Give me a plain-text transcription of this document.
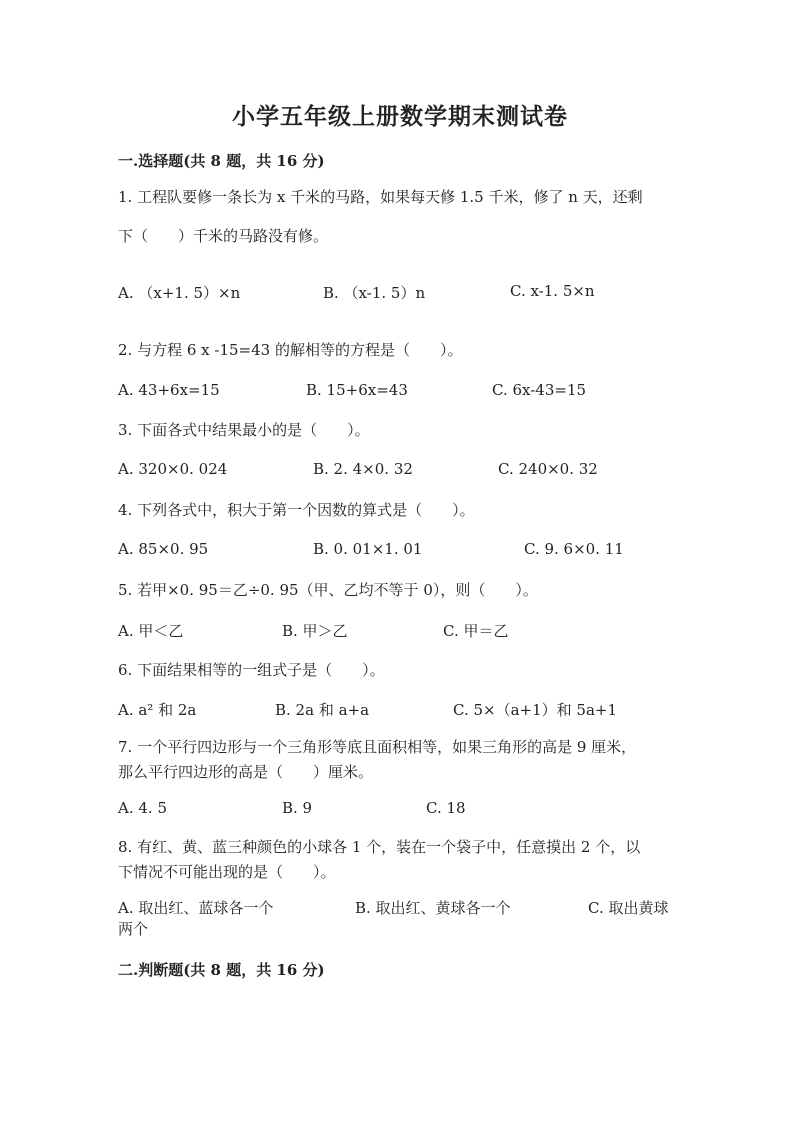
小学五年级上册数学期末测试卷
一.选择题(共 8 题，共 16 分)
1. 工程队要修一条长为 x 千米的马路，如果每天修 1.5 千米，修了 n 天，还剩
下（　　）千米的马路没有修。
A. （x+1. 5）×n	B. （x-1. 5）n	C. x-1. 5×n
2. 与方程 6 x -15=43 的解相等的方程是（　　）。
A. 43+6x=15	B. 15+6x=43	C. 6x-43=15
3. 下面各式中结果最小的是（　　）。
A. 320×0. 024	B. 2. 4×0. 32	C. 240×0. 32
4. 下列各式中，积大于第一个因数的算式是（　　）。
A. 85×0. 95	B. 0. 01×1. 01	C. 9. 6×0. 11
5. 若甲×0. 95＝乙÷0. 95（甲、乙均不等于 0），则（　　）。
A. 甲＜乙	B. 甲＞乙	C. 甲＝乙
6. 下面结果相等的一组式子是（　　）。
A. a² 和 2a	B. 2a 和 a+a	C. 5×（a+1）和 5a+1
7. 一个平行四边形与一个三角形等底且面积相等，如果三角形的高是 9 厘米，
那么平行四边形的高是（　　）厘米。
A. 4. 5	B. 9	C. 18
8. 有红、黄、蓝三种颜色的小球各 1 个，装在一个袋子中，任意摸出 2 个，以
下情况不可能出现的是（　　）。
A. 取出红、蓝球各一个	B. 取出红、黄球各一个	C. 取出黄球
两个
二.判断题(共 8 题，共 16 分)
